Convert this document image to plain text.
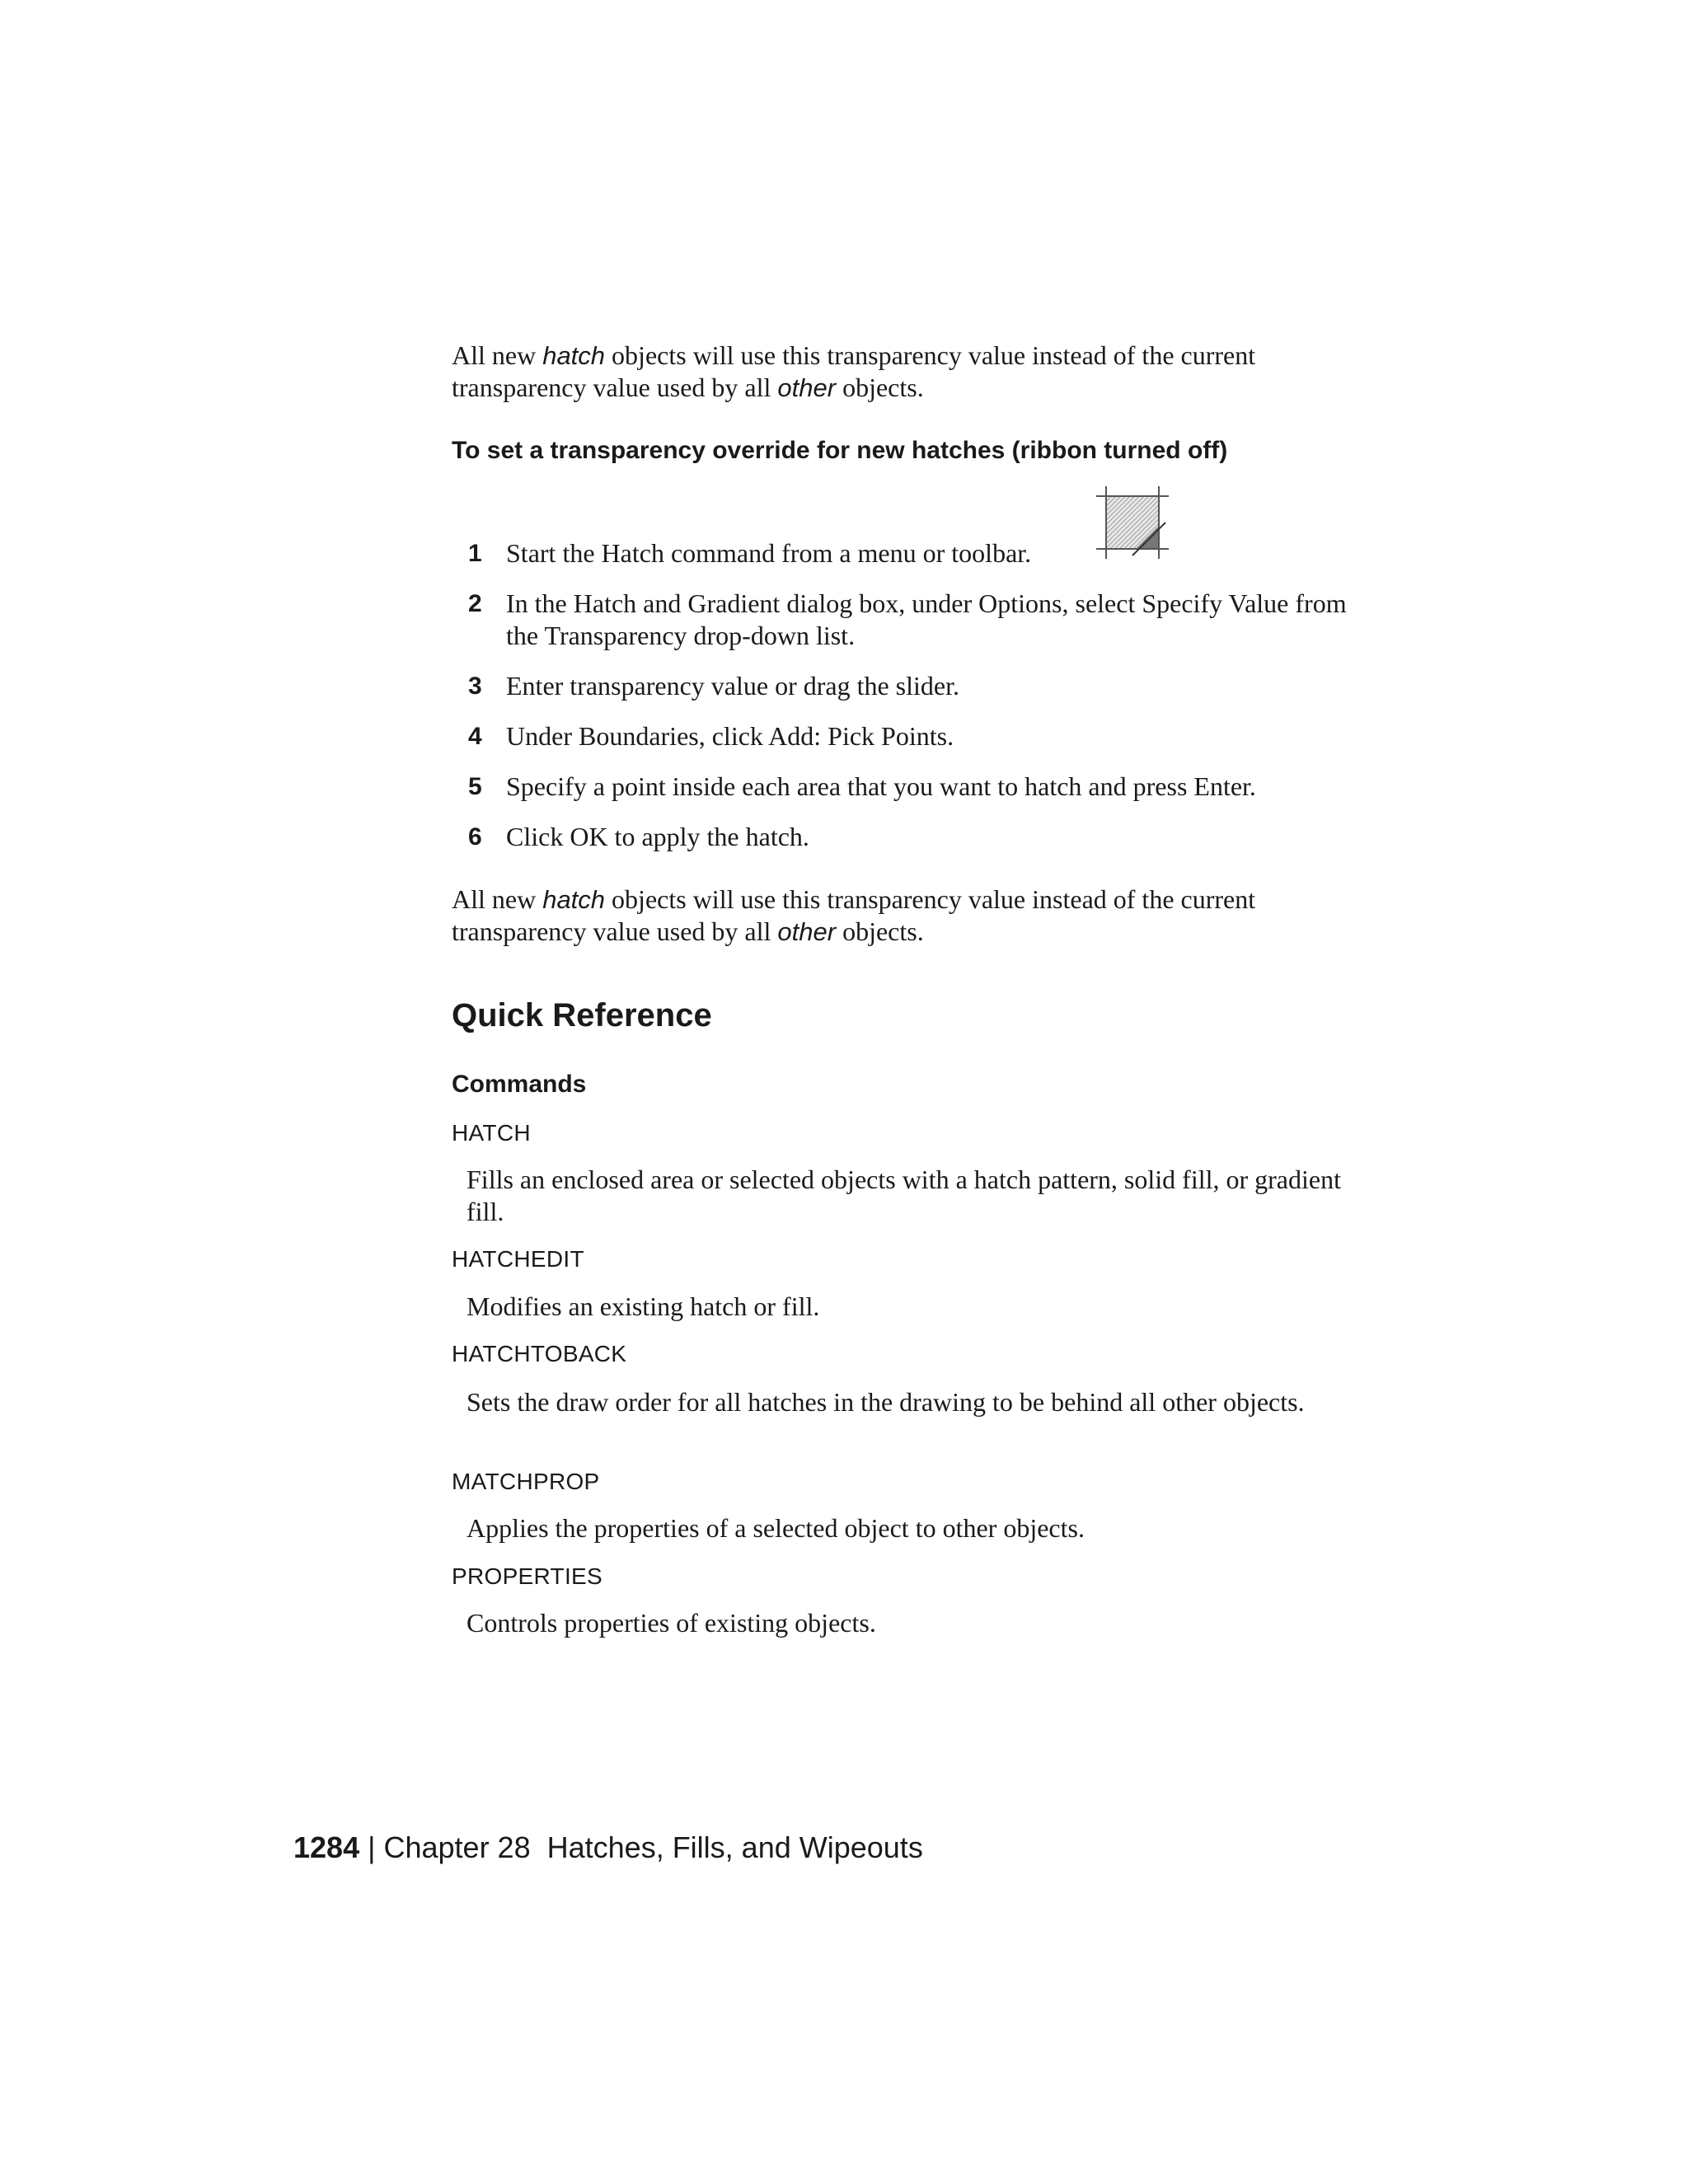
All new hatch objects will use this transparency value instead of the current transparency value used by all other objects.

To set a transparency override for new hatches (ribbon turned off)
1 Start the Hatch command from a menu or toolbar.
2 In the Hatch and Gradient dialog box, under Options, select Specify Value from the Transparency drop-down list.
3 Enter transparency value or drag the slider.
4 Under Boundaries, click Add: Pick Points.
5 Specify a point inside each area that you want to hatch and press Enter.
6 Click OK to apply the hatch.

All new hatch objects will use this transparency value instead of the current transparency value used by all other objects.

Quick Reference
Commands

HATCH

Fills an enclosed area or selected objects with a hatch pattern, solid fill, or gradient fill.

HATCHEDIT

Modifies an existing hatch or fill.

HATCHTOBACK

Sets the draw order for all hatches in the drawing to be behind all other objects.

MATCHPROP

Applies the properties of a selected object to other objects.

PROPERTIES

Controls properties of existing objects.

1284 | Chapter 28 Hatches, Fills, and Wipeouts
